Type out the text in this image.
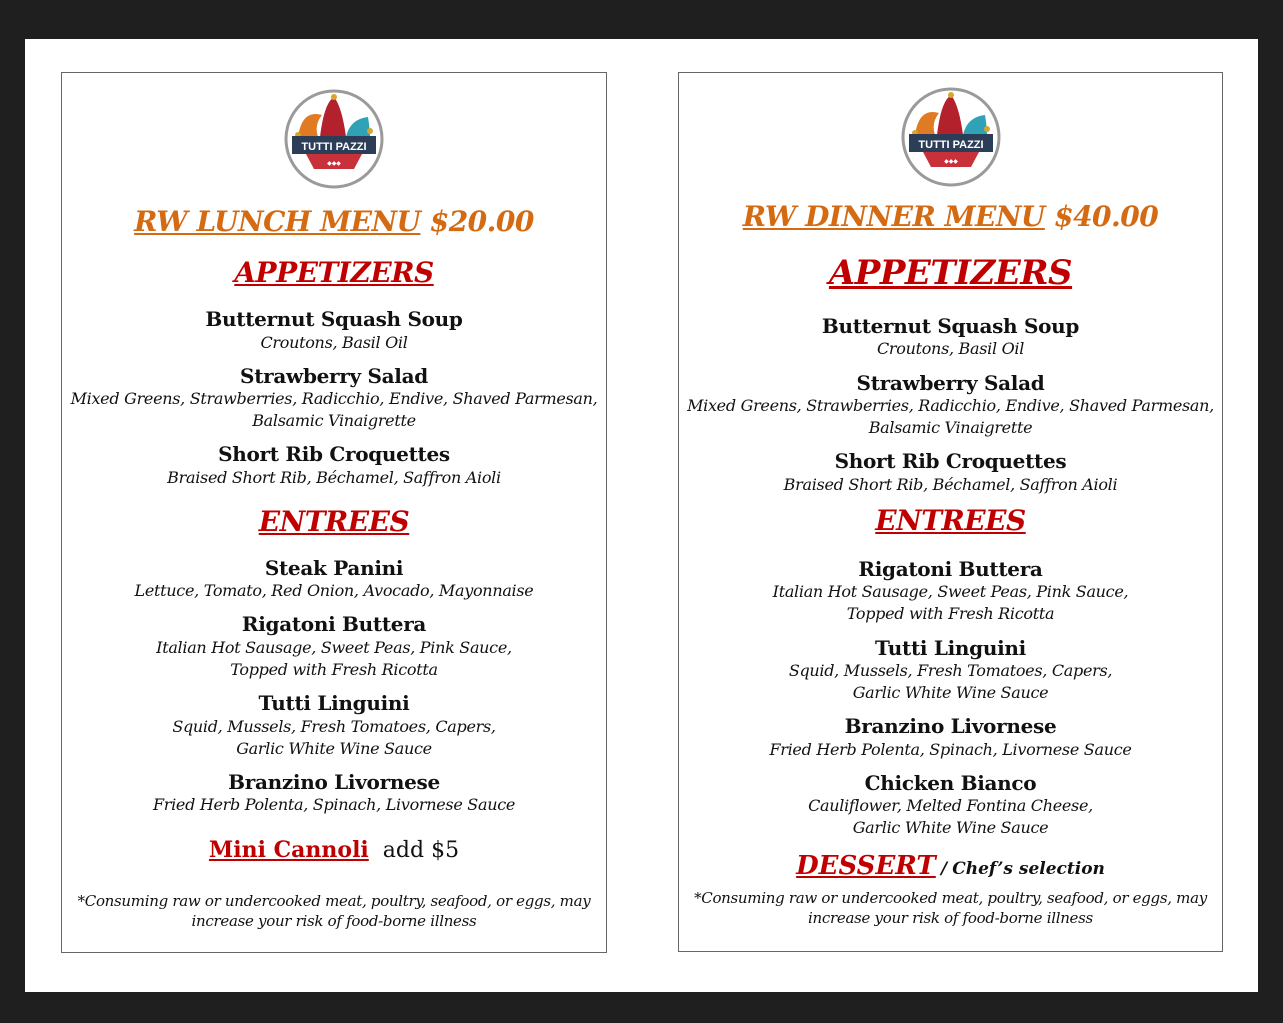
TUTTI PAZZI
◆◆◆
RW LUNCH MENU $20.00
APPETIZERS
Butternut Squash Soup
Croutons, Basil Oil
Strawberry Salad
Mixed Greens, Strawberries, Radicchio, Endive, Shaved Parmesan,
Balsamic Vinaigrette
Short Rib Croquettes
Braised Short Rib, Béchamel, Saffron Aioli
ENTREES
Steak Panini
Lettuce, Tomato, Red Onion, Avocado, Mayonnaise
Rigatoni Buttera
Italian Hot Sausage, Sweet Peas, Pink Sauce,
Topped with Fresh Ricotta
Tutti Linguini
Squid, Mussels, Fresh Tomatoes, Capers,
Garlic White Wine Sauce
Branzino Livornese
Fried Herb Polenta, Spinach, Livornese Sauce
Mini Cannoli add $5
*Consuming raw or undercooked meat, poultry, seafood, or eggs, may
increase your risk of food-borne illness
TUTTI PAZZI
◆◆◆
RW DINNER MENU $40.00
APPETIZERS
Butternut Squash Soup
Croutons, Basil Oil
Strawberry Salad
Mixed Greens, Strawberries, Radicchio, Endive, Shaved Parmesan,
Balsamic Vinaigrette
Short Rib Croquettes
Braised Short Rib, Béchamel, Saffron Aioli
ENTREES
Rigatoni Buttera
Italian Hot Sausage, Sweet Peas, Pink Sauce,
Topped with Fresh Ricotta
Tutti Linguini
Squid, Mussels, Fresh Tomatoes, Capers,
Garlic White Wine Sauce
Branzino Livornese
Fried Herb Polenta, Spinach, Livornese Sauce
Chicken Bianco
Cauliflower, Melted Fontina Cheese,
Garlic White Wine Sauce
DESSERT / Chef’s selection
*Consuming raw or undercooked meat, poultry, seafood, or eggs, may
increase your risk of food-borne illness
